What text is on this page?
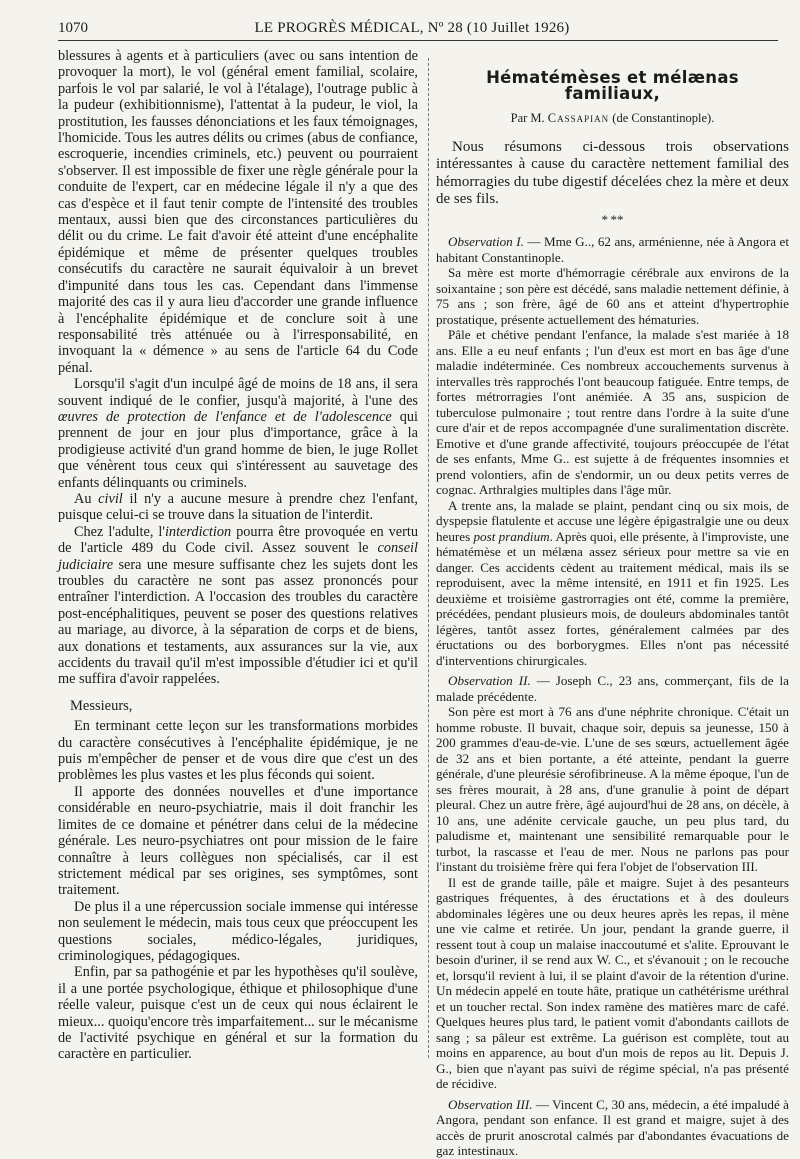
1070	LE PROGRÈS MÉDICAL, Nº 28 (10 Juillet 1926)

blessures à agents et à particuliers (avec ou sans intention de provoquer la mort), le vol (général ement familial, scolaire, parfois le vol par salarié, le vol à l'étalage), l'outrage public à la pudeur (exhibitionnisme), l'attentat à la pudeur, le viol, la prostitution, les fausses dénonciations et les faux témoignages, l'homicide. Tous les autres délits ou crimes (abus de confiance, escroquerie, incendies criminels, etc.) peuvent ou pourraient s'observer. Il est impossible de fixer une règle générale pour la conduite de l'expert, car en médecine légale il n'y a que des cas d'espèce et il faut tenir compte de l'intensité des troubles mentaux, aussi bien que des circonstances particulières du délit ou du crime. Le fait d'avoir été atteint d'une encéphalite épidémique et même de présenter quelques troubles consécutifs du caractère ne saurait équivaloir à un brevet d'impunité dans tous les cas. Cependant dans l'immense majorité des cas il y aura lieu d'accorder une grande influence à l'encéphalite épidémique et de conclure soit à une responsabilité très atténuée ou à l'irresponsabilité, en invoquant la « démence » au sens de l'article 64 du Code pénal.

Lorsqu'il s'agit d'un inculpé âgé de moins de 18 ans, il sera souvent indiqué de le confier, jusqu'à majorité, à l'une des œuvres de protection de l'enfance et de l'adolescence qui prennent de jour en jour plus d'importance, grâce à la prodigieuse activité d'un grand homme de bien, le juge Rollet que vénèrent tous ceux qui s'intéressent au sauvetage des enfants délinquants ou criminels.

Au civil il n'y a aucune mesure à prendre chez l'enfant, puisque celui-ci se trouve dans la situation de l'interdit.

Chez l'adulte, l'interdiction pourra être provoquée en vertu de l'article 489 du Code civil. Assez souvent le conseil judiciaire sera une mesure suffisante chez les sujets dont les troubles du caractère ne sont pas assez prononcés pour entraîner l'interdiction. A l'occasion des troubles du caractère post-encéphalitiques, peuvent se poser des questions relatives au mariage, au divorce, à la séparation de corps et de biens, aux donations et testaments, aux assurances sur la vie, aux accidents du travail qu'il m'est impossible d'étudier ici et qu'il me suffira d'avoir rappelées.

Messieurs,

En terminant cette leçon sur les transformations morbides du caractère consécutives à l'encéphalite épidémique, je ne puis m'empêcher de penser et de vous dire que c'est un des problèmes les plus vastes et les plus féconds qui soient.

Il apporte des données nouvelles et d'une importance considérable en neuro-psychiatrie, mais il doit franchir les limites de ce domaine et pénétrer dans celui de la médecine générale. Les neuro-psychiatres ont pour mission de le faire connaître à leurs collègues non spécialisés, car il est strictement médical par ses origines, ses symptômes, sont traitement.

De plus il a une répercussion sociale immense qui intéresse non seulement le médecin, mais tous ceux que préoccupent les questions sociales, médico-légales, juridiques, criminologiques, pédagogiques.

Enfin, par sa pathogénie et par les hypothèses qu'il soulève, il a une portée psychologique, éthique et philosophique d'une réelle valeur, puisque c'est un de ceux qui nous éclairent le mieux... quoiqu'encore très imparfaitement... sur le mécanisme de l'activité psychique en général et sur la formation du caractère en particulier.

Hématémèses et mélænas familiaux,
Par M. Cassapian (de Constantinople).

Nous résumons ci-dessous trois observations intéressantes à cause du caractère nettement familial des hémorragies du tube digestif décelées chez la mère et deux de ses fils.

* **

Observation I. — Mme G.., 62 ans, arménienne, née à Angora et habitant Constantinople.

Sa mère est morte d'hémorragie cérébrale aux environs de la soixantaine ; son père est décédé, sans maladie nettement définie, à 75 ans ; son frère, âgé de 60 ans et atteint d'hypertrophie prostatique, présente actuellement des hématuries.

Pâle et chétive pendant l'enfance, la malade s'est mariée à 18 ans. Elle a eu neuf enfants ; l'un d'eux est mort en bas âge d'une maladie indéterminée. Ces nombreux accouchements survenus à intervalles très rapprochés l'ont beaucoup fatiguée. Entre temps, de fortes métrorragies l'ont anémiée. A 35 ans, suspicion de tuberculose pulmonaire ; tout rentre dans l'ordre à la suite d'une cure d'air et de repos accompagnée d'une suralimentation discrète. Emotive et d'une grande affectivité, toujours préoccupée de l'état de ses enfants, Mme G.. est sujette à de fréquentes insomnies et prend volontiers, afin de s'endormir, un ou deux petits verres de cognac. Arthralgies multiples dans l'âge mûr.

A trente ans, la malade se plaint, pendant cinq ou six mois, de dyspepsie flatulente et accuse une légère épigastralgie une ou deux heures post prandium. Après quoi, elle présente, à l'improviste, une hématémèse et un mélæna assez sérieux pour mettre sa vie en danger. Ces accidents cèdent au traitement médical, mais ils se reproduisent, avec la même intensité, en 1911 et fin 1925. Les deuxième et troisième gastrorragies ont été, comme la première, précédées, pendant plusieurs mois, de douleurs abdominales tantôt légères, tantôt assez fortes, généralement calmées par des éructations ou des borborygmes. Elles n'ont pas nécessité d'interventions chirurgicales.

Observation II. — Joseph C., 23 ans, commerçant, fils de la malade précédente.

Son père est mort à 76 ans d'une néphrite chronique. C'était un homme robuste. Il buvait, chaque soir, depuis sa jeunesse, 150 à 200 grammes d'eau-de-vie. L'une de ses sœurs, actuellement âgée de 32 ans et bien portante, a été atteinte, pendant la guerre générale, d'une pleurésie sérofibrineuse. A la même époque, l'un de ses frères mourait, à 28 ans, d'une granulie à point de départ pleural. Chez un autre frère, âgé aujourd'hui de 28 ans, on décèle, à 10 ans, une adénite cervicale gauche, un peu plus tard, du paludisme et, maintenant une sensibilité remarquable pour le turbot, la rascasse et l'eau de mer. Nous ne parlons pas pour l'instant du troisième frère qui fera l'objet de l'observation III.

Il est de grande taille, pâle et maigre. Sujet à des pesanteurs gastriques fréquentes, à des éructations et à des douleurs abdominales légères une ou deux heures après les repas, il mène une vie calme et retirée. Un jour, pendant la grande guerre, il ressent tout à coup un malaise inaccoutumé et s'alite. Eprouvant le besoin d'uriner, il se rend aux W. C., et s'évanouit ; on le recouche et, lorsqu'il revient à lui, il se plaint d'avoir de la rétention d'urine. Un médecin appelé en toute hâte, pratique un cathétérisme uréthral et un toucher rectal. Son index ramène des matières marc de café. Quelques heures plus tard, le patient vomit d'abondants caillots de sang ; sa pâleur est extrême. La guérison est complète, tout au moins en apparence, au bout d'un mois de repos au lit. Depuis J. G., bien que n'ayant pas suivi de régime spécial, n'a pas présenté de récidive.

Observation III. — Vincent C, 30 ans, médecin, a été impaludé à Angora, pendant son enfance. Il est grand et maigre, sujet à des accès de prurit anoscrotal calmés par d'abondantes évacuations de gaz intestinaux.
